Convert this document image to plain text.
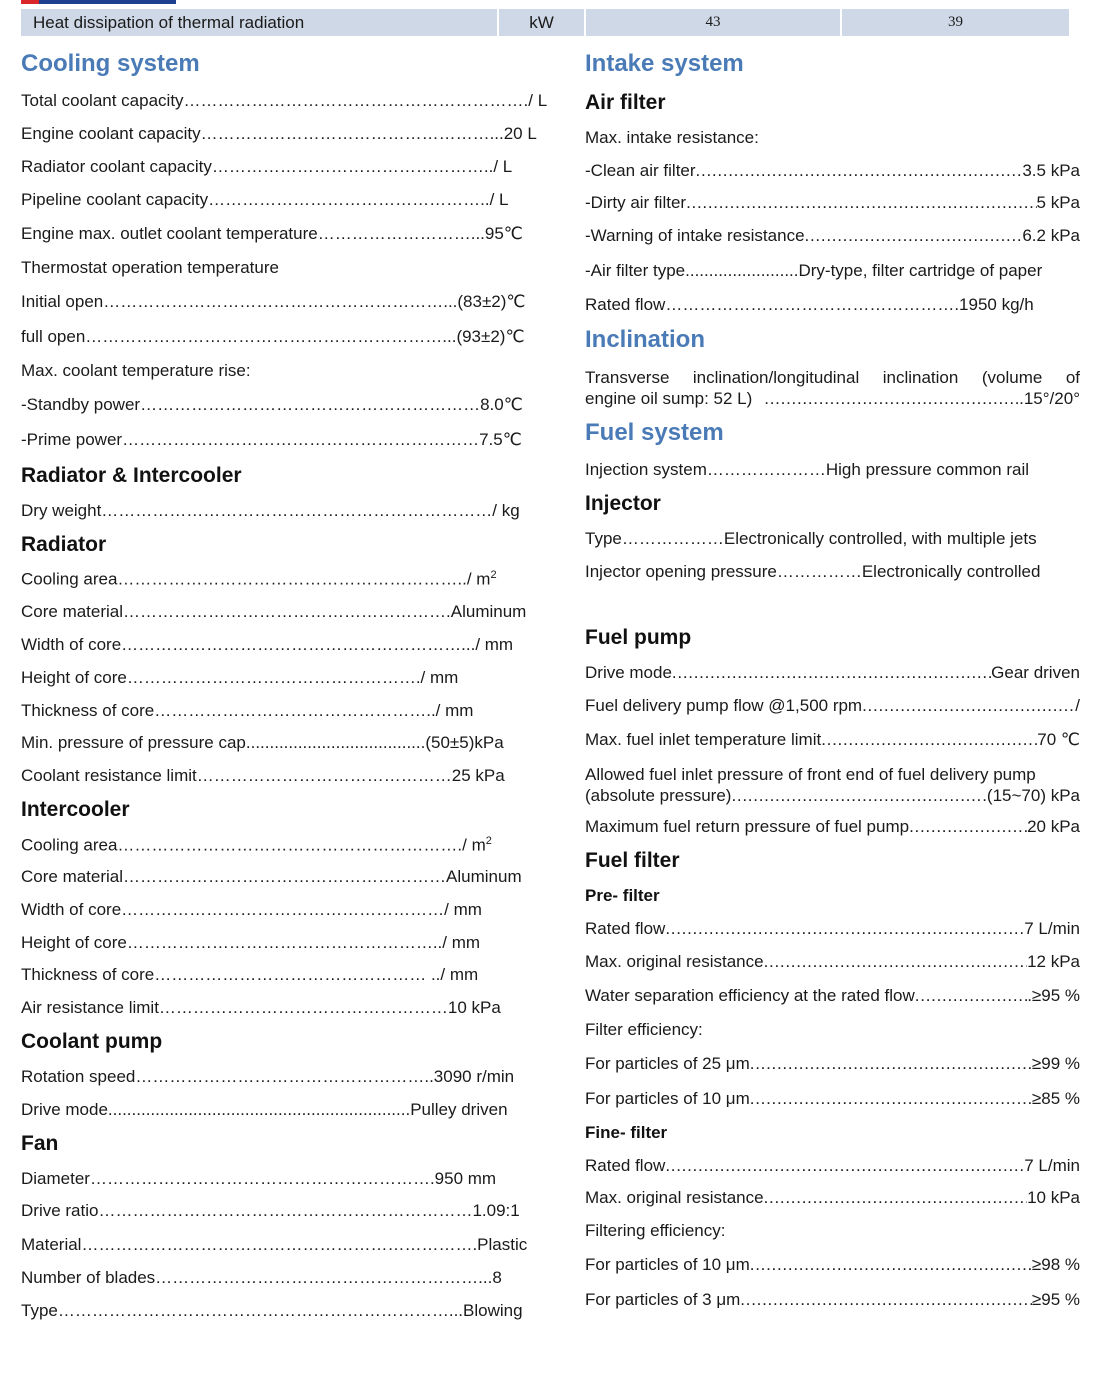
Heat dissipation of thermal radiation	kW	43	39
Cooling system
Total coolant capacity……………………………………………………./ L
Engine coolant capacity……………………………………………...20 L
Radiator coolant capacity…………………………………………../ L
Pipeline coolant capacity…………………………………………../ L
Engine max. outlet coolant temperature………………………...95℃
Thermostat operation temperature
Initial open……………………………………………………...(83±2)℃
full open………………………………………………………...(93±2)℃
Max. coolant temperature rise:
-Standby power……………………………………………………8.0℃
-Prime power………………………………………………………7.5℃
Radiator & Intercooler
Dry weight……………………………………………………………/ kg
Radiator
Cooling area……………………………………………………../ $m^2$
Core material………………………………………………….Aluminum
Width of core…………………………………………………….../ mm
Height of core……………………………………………./ mm
Thickness of core…………………………………………../ mm
Min. pressure of pressure cap......................................(50±5)kPa
Coolant resistance limit………………………………………25 kPa
Intercooler
Cooling area……………………………………………………./ $m^2$
Core material…………………………………………………Aluminum
Width of core…………………………………………………/ mm
Height of core………………………………………………../ mm
Thickness of core………………………………………… ../ mm
Air resistance limit……………………………………………10 kPa
Coolant pump
Rotation speed……………………………………………..3090 r/min
Drive mode................................................................Pulley driven
Fan
Diameter…………………………………………………….950 mm
Drive ratio…………………………………………………………1.09:1
Material…………………………………………………………….Plastic
Number of blades…………………………………………………...8
Type……………………………………………………………...Blowing
Intake system
Air filter
Max. intake resistance:
-Clean air filter . . .	3.5 kPa
-Dirty air filter . . .	5 kPa
-Warning of intake resistance . . .	6.2 kPa
-Air filter type........................Dry-type, filter cartridge of paper
Rated flow…………………………………………….1950 kg/h
Inclination
Transverse inclination/longitudinal inclination (volume of
engine oil sump: 52 L) . . .	.15°/20°
Fuel system
Injection system…………………High pressure common rail
Injector
Type………………Electronically controlled, with multiple jets
Injector opening pressure……………Electronically controlled
Fuel pump
Drive mode . . .	Gear driven
Fuel delivery pump flow @1,500 rpm . . .	/
Max. fuel inlet temperature limit . . .	70 ℃
Allowed fuel inlet pressure of front end of fuel delivery pump
(absolute pressure) . . .	.(15~70) kPa
Maximum fuel return pressure of fuel pump . . .	20 kPa
Fuel filter
Pre- filter
Rated flow . . .	7 L/min
Max. original resistance . . .	12 kPa
Water separation efficiency at the rated flow . . .	.≥95 %
Filter efficiency:
For particles of 25 μm . . .	≥99 %
For particles of 10 μm . . .	≥85 %
Fine- filter
Rated flow . . .	7 L/min
Max. original resistance . . .	10 kPa
Filtering efficiency:
For particles of 10 μm . . .	≥98 %
For particles of 3 μm . . .	≥95 %
